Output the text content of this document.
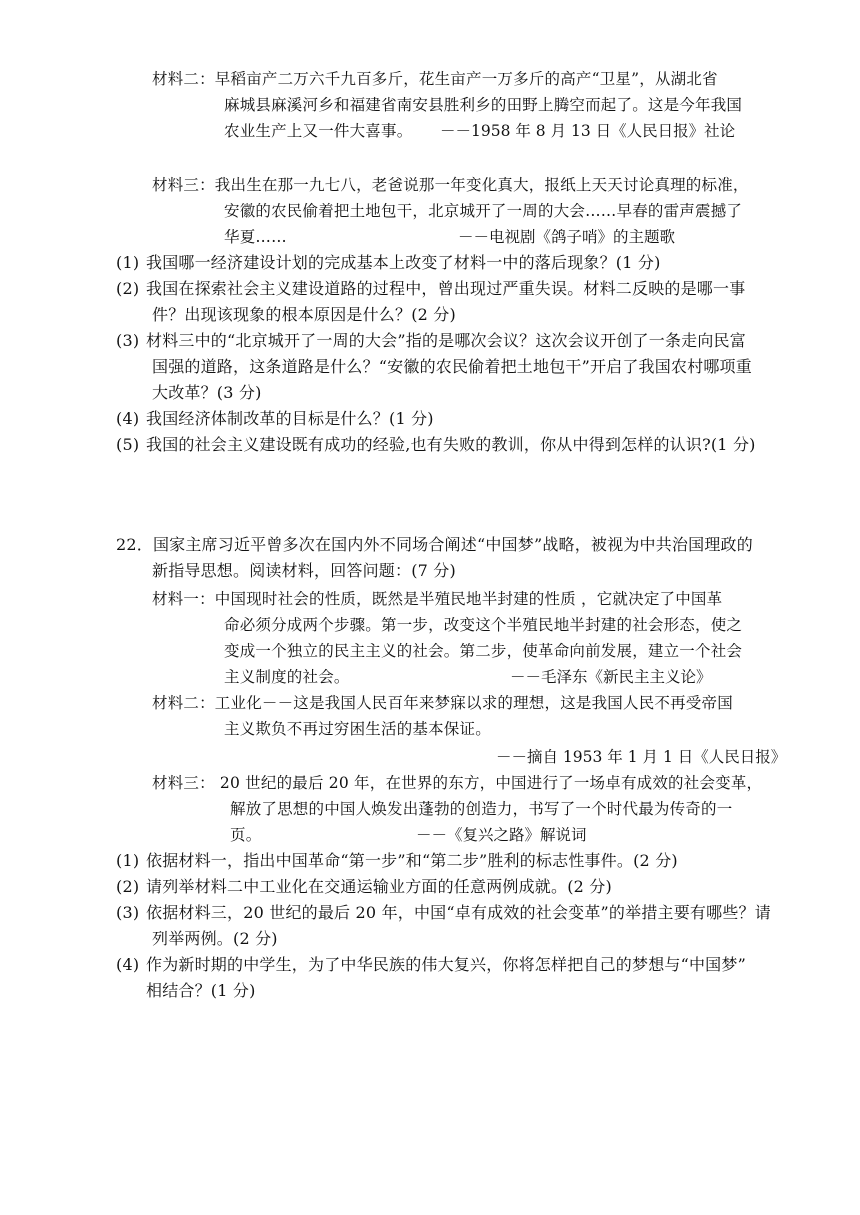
材料二：早稻亩产二万六千九百多斤，花生亩产一万多斤的高产“卫星”，从湖北省
麻城县麻溪河乡和福建省南安县胜利乡的田野上腾空而起了。这是今年我国
农业生产上又一件大喜事。 －－1958 年 8 月 13 日《人民日报》社论
材料三：我出生在那一九七八，老爸说那一年变化真大，报纸上天天讨论真理的标准，
安徽的农民偷着把土地包干，北京城开了一周的大会……早春的雷声震撼了
华夏……	－－电视剧《鸽子哨》的主题歌
(1) 我国哪一经济建设计划的完成基本上改变了材料一中的落后现象？(1 分)
(2) 我国在探索社会主义建设道路的过程中，曾出现过严重失误。材料二反映的是哪一事
件？出现该现象的根本原因是什么？(2 分)
(3) 材料三中的“北京城开了一周的大会”指的是哪次会议？这次会议开创了一条走向民富
国强的道路，这条道路是什么？“安徽的农民偷着把土地包干”开启了我国农村哪项重
大改革？(3 分)
(4) 我国经济体制改革的目标是什么？(1 分)
(5) 我国的社会主义建设既有成功的经验,也有失败的教训，你从中得到怎样的认识?(1 分)
22．国家主席习近平曾多次在国内外不同场合阐述“中国梦”战略，被视为中共治国理政的
新指导思想。阅读材料，回答问题：(7 分)
材料一：中国现时社会的性质，既然是半殖民地半封建的性质 ，它就决定了中国革
命必须分成两个步骤。第一步，改变这个半殖民地半封建的社会形态，使之
变成一个独立的民主主义的社会。第二步，使革命向前发展，建立一个社会
主义制度的社会。	－－毛泽东《新民主主义论》
材料二：工业化－－这是我国人民百年来梦寐以求的理想，这是我国人民不再受帝国
主义欺负不再过穷困生活的基本保证。
－－摘自 1953 年 1 月 1 日《人民日报》
材料三： 20 世纪的最后 20 年，在世界的东方，中国进行了一场卓有成效的社会变革，
解放了思想的中国人焕发出蓬勃的创造力，书写了一个时代最为传奇的一
页。	－－《复兴之路》解说词
(1) 依据材料一，指出中国革命“第一步”和“第二步”胜利的标志性事件。(2 分)
(2) 请列举材料二中工业化在交通运输业方面的任意两例成就。(2 分)
(3) 依据材料三，20 世纪的最后 20 年，中国“卓有成效的社会变革”的举措主要有哪些？请
列举两例。(2 分)
(4) 作为新时期的中学生，为了中华民族的伟大复兴，你将怎样把自己的梦想与“中国梦”
相结合？(1 分)
